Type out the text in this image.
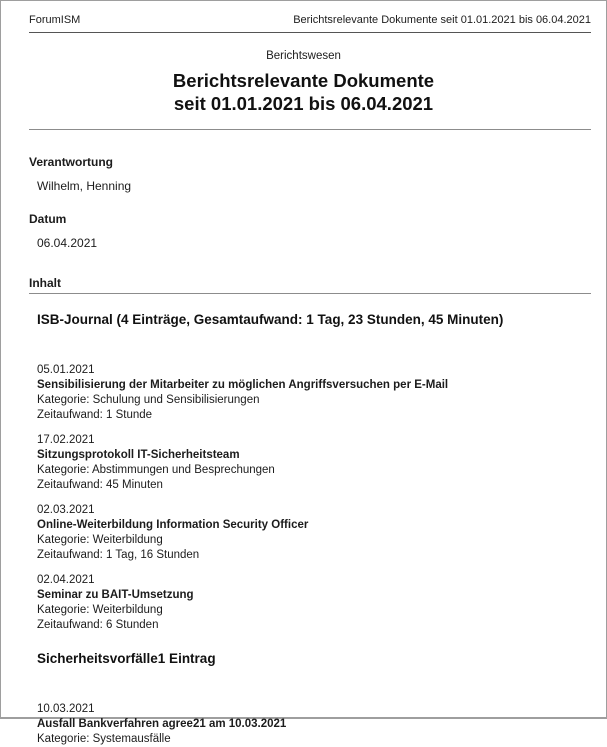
ForumISM	Berichtsrelevante Dokumente seit 01.01.2021 bis 06.04.2021
Berichtswesen
Berichtsrelevante Dokumente
seit 01.01.2021 bis 06.04.2021
Verantwortung
Wilhelm, Henning
Datum
06.04.2021
Inhalt
ISB-Journal (4 Einträge, Gesamtaufwand: 1 Tag, 23 Stunden, 45 Minuten)
05.01.2021
Sensibilisierung der Mitarbeiter zu möglichen Angriffsversuchen per E-Mail
Kategorie: Schulung und Sensibilisierungen
Zeitaufwand: 1 Stunde
17.02.2021
Sitzungsprotokoll IT-Sicherheitsteam
Kategorie: Abstimmungen und Besprechungen
Zeitaufwand: 45 Minuten
02.03.2021
Online-Weiterbildung Information Security Officer
Kategorie: Weiterbildung
Zeitaufwand: 1 Tag, 16 Stunden
02.04.2021
Seminar zu BAIT-Umsetzung
Kategorie: Weiterbildung
Zeitaufwand: 6 Stunden
Sicherheitsvorfälle1 Eintrag
10.03.2021
Ausfall Bankverfahren agree21 am 10.03.2021
Kategorie: Systemausfälle
